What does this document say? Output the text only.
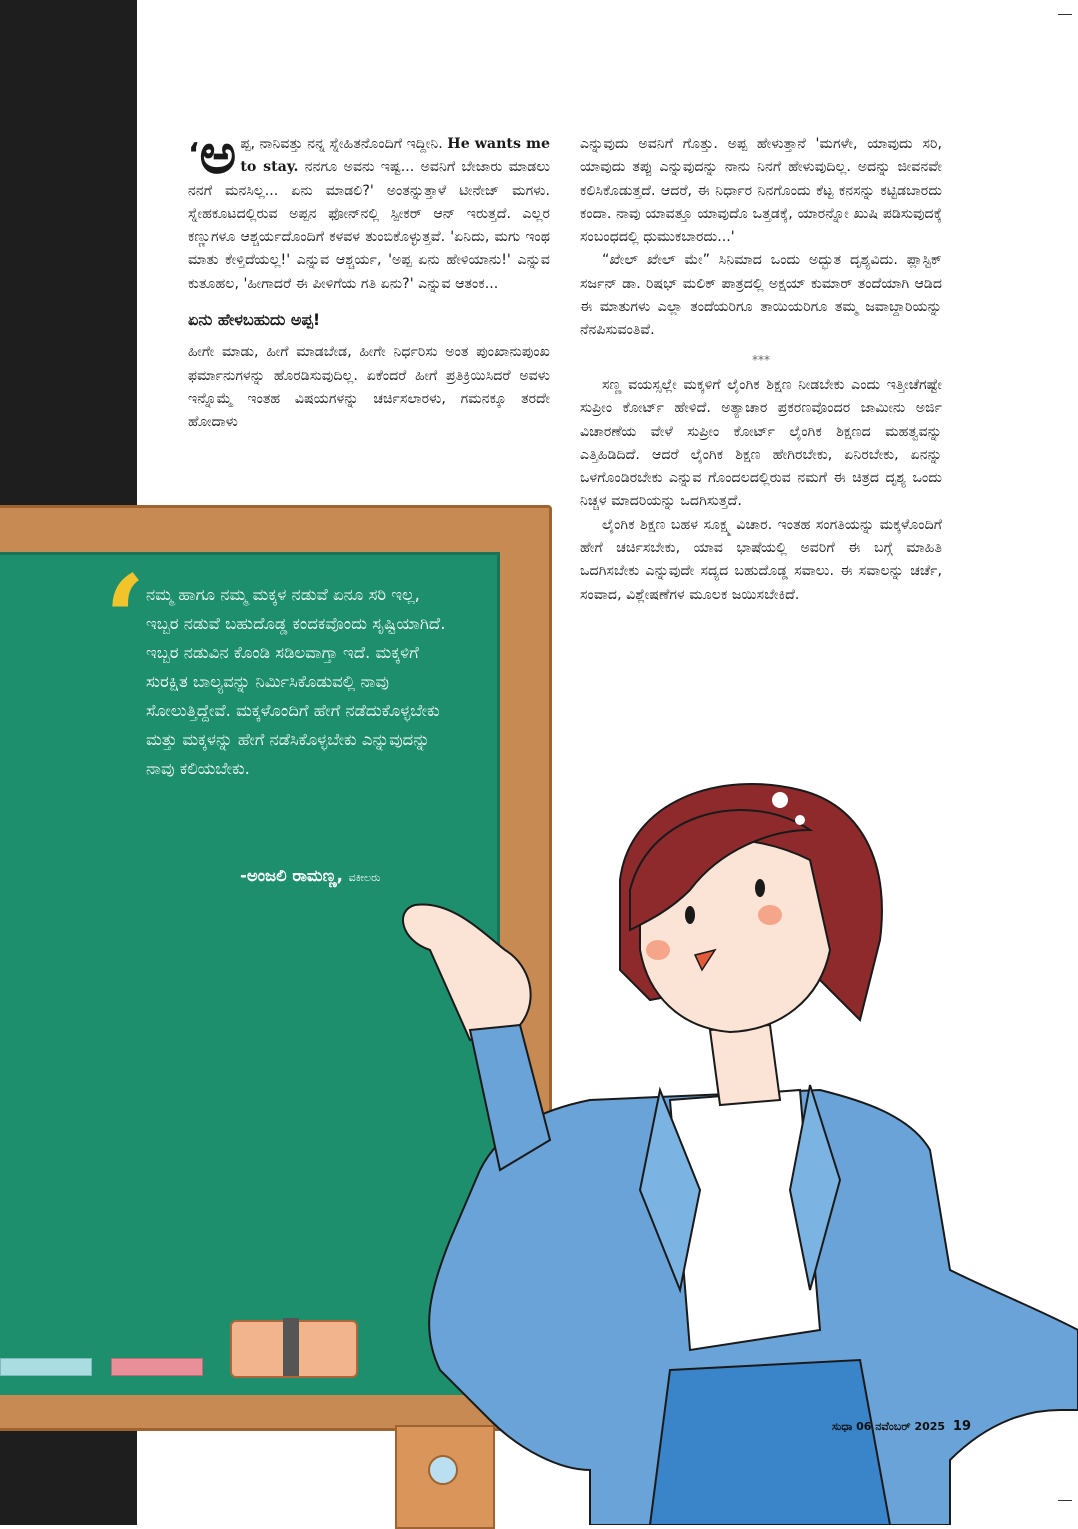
‘ಅ ಪ್ಪ, ನಾನಿವತ್ತು ನನ್ನ ಸ್ನೇಹಿತನೊಂದಿಗೆ ಇದ್ದೀನಿ. He wants me to stay. ನನಗೂ ಅವನು ಇಷ್ಟ... ಅವನಿಗೆ ಬೇಜಾರು ಮಾಡಲು ನನಗೆ ಮನಸಿಲ್ಲ... ಏನು ಮಾಡಲಿ?' ಅಂತನ್ನುತ್ತಾಳೆ ಟೀನೇಜ್ ಮಗಳು. ಸ್ನೇಹಕೂಟದಲ್ಲಿರುವ ಅಪ್ಪನ ಫೋನ್‌ನಲ್ಲಿ ಸ್ಪೀಕರ್ ಆನ್ ಇರುತ್ತದೆ. ಎಲ್ಲರ ಕಣ್ಣುಗಳೂ ಆಶ್ಚರ್ಯದೊಂದಿಗೆ ಕಳವಳ ತುಂಬಿಕೊಳ್ಳುತ್ತವೆ. 'ಏನಿದು, ಮಗು ಇಂಥ ಮಾತು ಕೇಳ್ತಿದೆಯಲ್ಲ!' ಎನ್ನುವ ಆಶ್ಚರ್ಯ, 'ಅಪ್ಪ ಏನು ಹೇಳಿಯಾನು!' ಎನ್ನುವ ಕುತೂಹಲ, 'ಹೀಗಾದರೆ ಈ ಪೀಳಿಗೆಯ ಗತಿ ಏನು?' ಎನ್ನುವ ಆತಂಕ...

ಏನು ಹೇಳಬಹುದು ಅಪ್ಪ!

ಹೀಗೇ ಮಾಡು, ಹೀಗೆ ಮಾಡಬೇಡ, ಹೀಗೇ ನಿರ್ಧರಿಸು ಅಂತ ಪುಂಖಾನುಪುಂಖ ಫರ್ಮಾನುಗಳನ್ನು ಹೊರಡಿಸುವುದಿಲ್ಲ. ಏಕೆಂದರೆ ಹೀಗೆ ಪ್ರತಿಕ್ರಿಯಿಸಿದರೆ ಅವಳು ಇನ್ನೊಮ್ಮೆ ಇಂತಹ ವಿಷಯಗಳನ್ನು ಚರ್ಚಿಸಲಾರಳು, ಗಮನಕ್ಕೂ ತರದೇ ಹೋದಾಳು

ಎನ್ನುವುದು ಅವನಿಗೆ ಗೊತ್ತು. ಅಪ್ಪ ಹೇಳುತ್ತಾನೆ 'ಮಗಳೇ, ಯಾವುದು ಸರಿ, ಯಾವುದು ತಪ್ಪು ಎನ್ನುವುದನ್ನು ನಾನು ನಿನಗೆ ಹೇಳುವುದಿಲ್ಲ. ಅದನ್ನು ಜೀವನವೇ ಕಲಿಸಿಕೊಡುತ್ತದೆ. ಆದರೆ, ಈ ನಿರ್ಧಾರ ನಿನಗೊಂದು ಕೆಟ್ಟ ಕನಸನ್ನು ಕಟ್ಟಿಡಬಾರದು ಕಂದಾ. ನಾವು ಯಾವತ್ತೂ ಯಾವುದೊ ಒತ್ತಡಕ್ಕೆ, ಯಾರನ್ನೋ ಖುಷಿ ಪಡಿಸುವುದಕ್ಕೆ ಸಂಬಂಧದಲ್ಲಿ ಧುಮುಕಬಾರದು...'

“ಖೇಲ್ ಖೇಲ್ ಮೇ” ಸಿನಿಮಾದ ಒಂದು ಅದ್ಭುತ ದೃಶ್ಯವಿದು. ಪ್ಲಾಸ್ಟಿಕ್ ಸರ್ಜನ್ ಡಾ. ರಿಷಭ್ ಮಲಿಕ್ ಪಾತ್ರದಲ್ಲಿ ಅಕ್ಷಯ್ ಕುಮಾರ್ ತಂದೆಯಾಗಿ ಆಡಿದ ಈ ಮಾತುಗಳು ಎಲ್ಲಾ ತಂದೆಯರಿಗೂ ತಾಯಿಯರಿಗೂ ತಮ್ಮ ಜವಾಬ್ದಾರಿಯನ್ನು ನೆನಪಿಸುವಂತಿವೆ.

***

ಸಣ್ಣ ವಯಸ್ಸಲ್ಲೇ ಮಕ್ಕಳಿಗೆ ಲೈಂಗಿಕ ಶಿಕ್ಷಣ ನೀಡಬೇಕು ಎಂದು ಇತ್ತೀಚೆಗಷ್ಟೇ ಸುಪ್ರೀಂ ಕೋರ್ಟ್ ಹೇಳಿದೆ. ಅತ್ಯಾಚಾರ ಪ್ರಕರಣವೊಂದರ ಜಾಮೀನು ಅರ್ಜಿ ವಿಚಾರಣೆಯ ವೇಳೆ ಸುಪ್ರೀಂ ಕೋರ್ಟ್ ಲೈಂಗಿಕ ಶಿಕ್ಷಣದ ಮಹತ್ವವನ್ನು ಎತ್ತಿಹಿಡಿದಿದೆ. ಆದರೆ ಲೈಂಗಿಕ ಶಿಕ್ಷಣ ಹೇಗಿರಬೇಕು, ಏನಿರಬೇಕು, ಏನನ್ನು ಒಳಗೊಂಡಿರಬೇಕು ಎನ್ನುವ ಗೊಂದಲದಲ್ಲಿರುವ ನಮಗೆ ಈ ಚಿತ್ರದ ದೃಶ್ಯ ಒಂದು ನಿಚ್ಚಳ ಮಾದರಿಯನ್ನು ಒದಗಿಸುತ್ತದೆ.

ಲೈಂಗಿಕ ಶಿಕ್ಷಣ ಬಹಳ ಸೂಕ್ಷ್ಮ ವಿಚಾರ. ಇಂತಹ ಸಂಗತಿಯನ್ನು ಮಕ್ಕಳೊಂದಿಗೆ ಹೇಗೆ ಚರ್ಚಿಸಬೇಕು, ಯಾವ ಭಾಷೆಯಲ್ಲಿ ಅವರಿಗೆ ಈ ಬಗ್ಗೆ ಮಾಹಿತಿ ಒದಗಿಸಬೇಕು ಎನ್ನುವುದೇ ಸದ್ಯದ ಬಹುದೊಡ್ಡ ಸವಾಲು. ಈ ಸವಾಲನ್ನು ಚರ್ಚೆ, ಸಂವಾದ, ವಿಶ್ಲೇಷಣೆಗಳ ಮೂಲಕ ಜಯಿಸಬೇಕಿದೆ.

‘ ನಮ್ಮ ಹಾಗೂ ನಮ್ಮ ಮಕ್ಕಳ ನಡುವೆ ಏನೂ ಸರಿ ಇಲ್ಲ, ಇಬ್ಬರ ನಡುವೆ ಬಹುದೊಡ್ಡ ಕಂದಕವೊಂದು ಸೃಷ್ಟಿಯಾಗಿದೆ. ಇಬ್ಬರ ನಡುವಿನ ಕೊಂಡಿ ಸಡಿಲವಾಗ್ತಾ ಇದೆ. ಮಕ್ಕಳಿಗೆ ಸುರಕ್ಷಿತ ಬಾಲ್ಯವನ್ನು ನಿರ್ಮಿಸಿಕೊಡುವಲ್ಲಿ ನಾವು ಸೋಲುತ್ತಿದ್ದೇವೆ. ಮಕ್ಕಳೊಂದಿಗೆ ಹೇಗೆ ನಡೆದುಕೊಳ್ಳಬೇಕು ಮತ್ತು ಮಕ್ಕಳನ್ನು ಹೇಗೆ ನಡೆಸಿಕೊಳ್ಳಬೇಕು ಎನ್ನುವುದನ್ನು ನಾವು ಕಲಿಯಬೇಕು.
-ಅಂಜಲಿ ರಾಮಣ್ಣ, ವಕೀಲರು
ಸುಧಾ 06 ನವೆಂಬರ್ 2025 19
